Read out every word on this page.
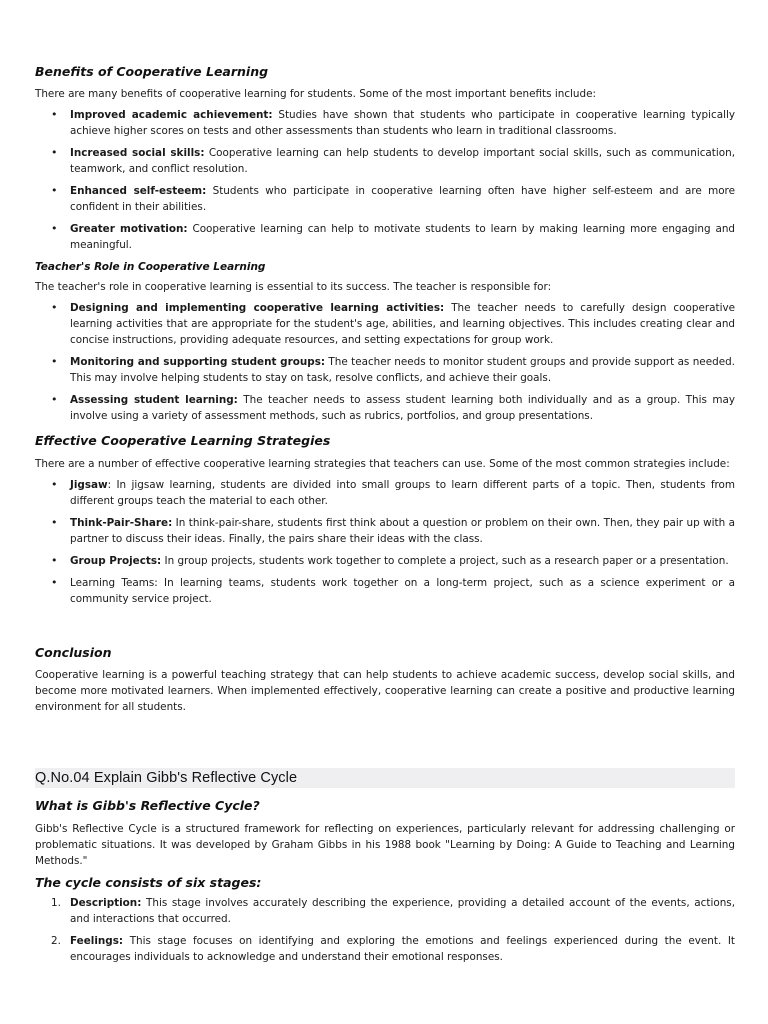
Benefits of Cooperative Learning

There are many benefits of cooperative learning for students. Some of the most important benefits include:

• Improved academic achievement: Studies have shown that students who participate in cooperative learning typically achieve higher scores on tests and other assessments than students who learn in traditional classrooms.
• Increased social skills: Cooperative learning can help students to develop important social skills, such as communication, teamwork, and conflict resolution.
• Enhanced self-esteem: Students who participate in cooperative learning often have higher self-esteem and are more confident in their abilities.
• Greater motivation: Cooperative learning can help to motivate students to learn by making learning more engaging and meaningful.
Teacher's Role in Cooperative Learning

The teacher's role in cooperative learning is essential to its success. The teacher is responsible for:

• Designing and implementing cooperative learning activities: The teacher needs to carefully design cooperative learning activities that are appropriate for the student's age, abilities, and learning objectives. This includes creating clear and concise instructions, providing adequate resources, and setting expectations for group work.
• Monitoring and supporting student groups: The teacher needs to monitor student groups and provide support as needed. This may involve helping students to stay on task, resolve conflicts, and achieve their goals.
• Assessing student learning: The teacher needs to assess student learning both individually and as a group. This may involve using a variety of assessment methods, such as rubrics, portfolios, and group presentations.
Effective Cooperative Learning Strategies

There are a number of effective cooperative learning strategies that teachers can use. Some of the most common strategies include:

• Jigsaw: In jigsaw learning, students are divided into small groups to learn different parts of a topic. Then, students from different groups teach the material to each other.
• Think-Pair-Share: In think-pair-share, students first think about a question or problem on their own. Then, they pair up with a partner to discuss their ideas. Finally, the pairs share their ideas with the class.
• Group Projects: In group projects, students work together to complete a project, such as a research paper or a presentation.
• Learning Teams: In learning teams, students work together on a long-term project, such as a science experiment or a community service project.
Conclusion

Cooperative learning is a powerful teaching strategy that can help students to achieve academic success, develop social skills, and become more motivated learners. When implemented effectively, cooperative learning can create a positive and productive learning environment for all students.

Q.No.04 Explain Gibb's Reflective Cycle
What is Gibb's Reflective Cycle?

Gibb's Reflective Cycle is a structured framework for reflecting on experiences, particularly relevant for addressing challenging or problematic situations. It was developed by Graham Gibbs in his 1988 book "Learning by Doing: A Guide to Teaching and Learning Methods."

The cycle consists of six stages:
1. Description: This stage involves accurately describing the experience, providing a detailed account of the events, actions, and interactions that occurred.
2. Feelings: This stage focuses on identifying and exploring the emotions and feelings experienced during the event. It encourages individuals to acknowledge and understand their emotional responses.
